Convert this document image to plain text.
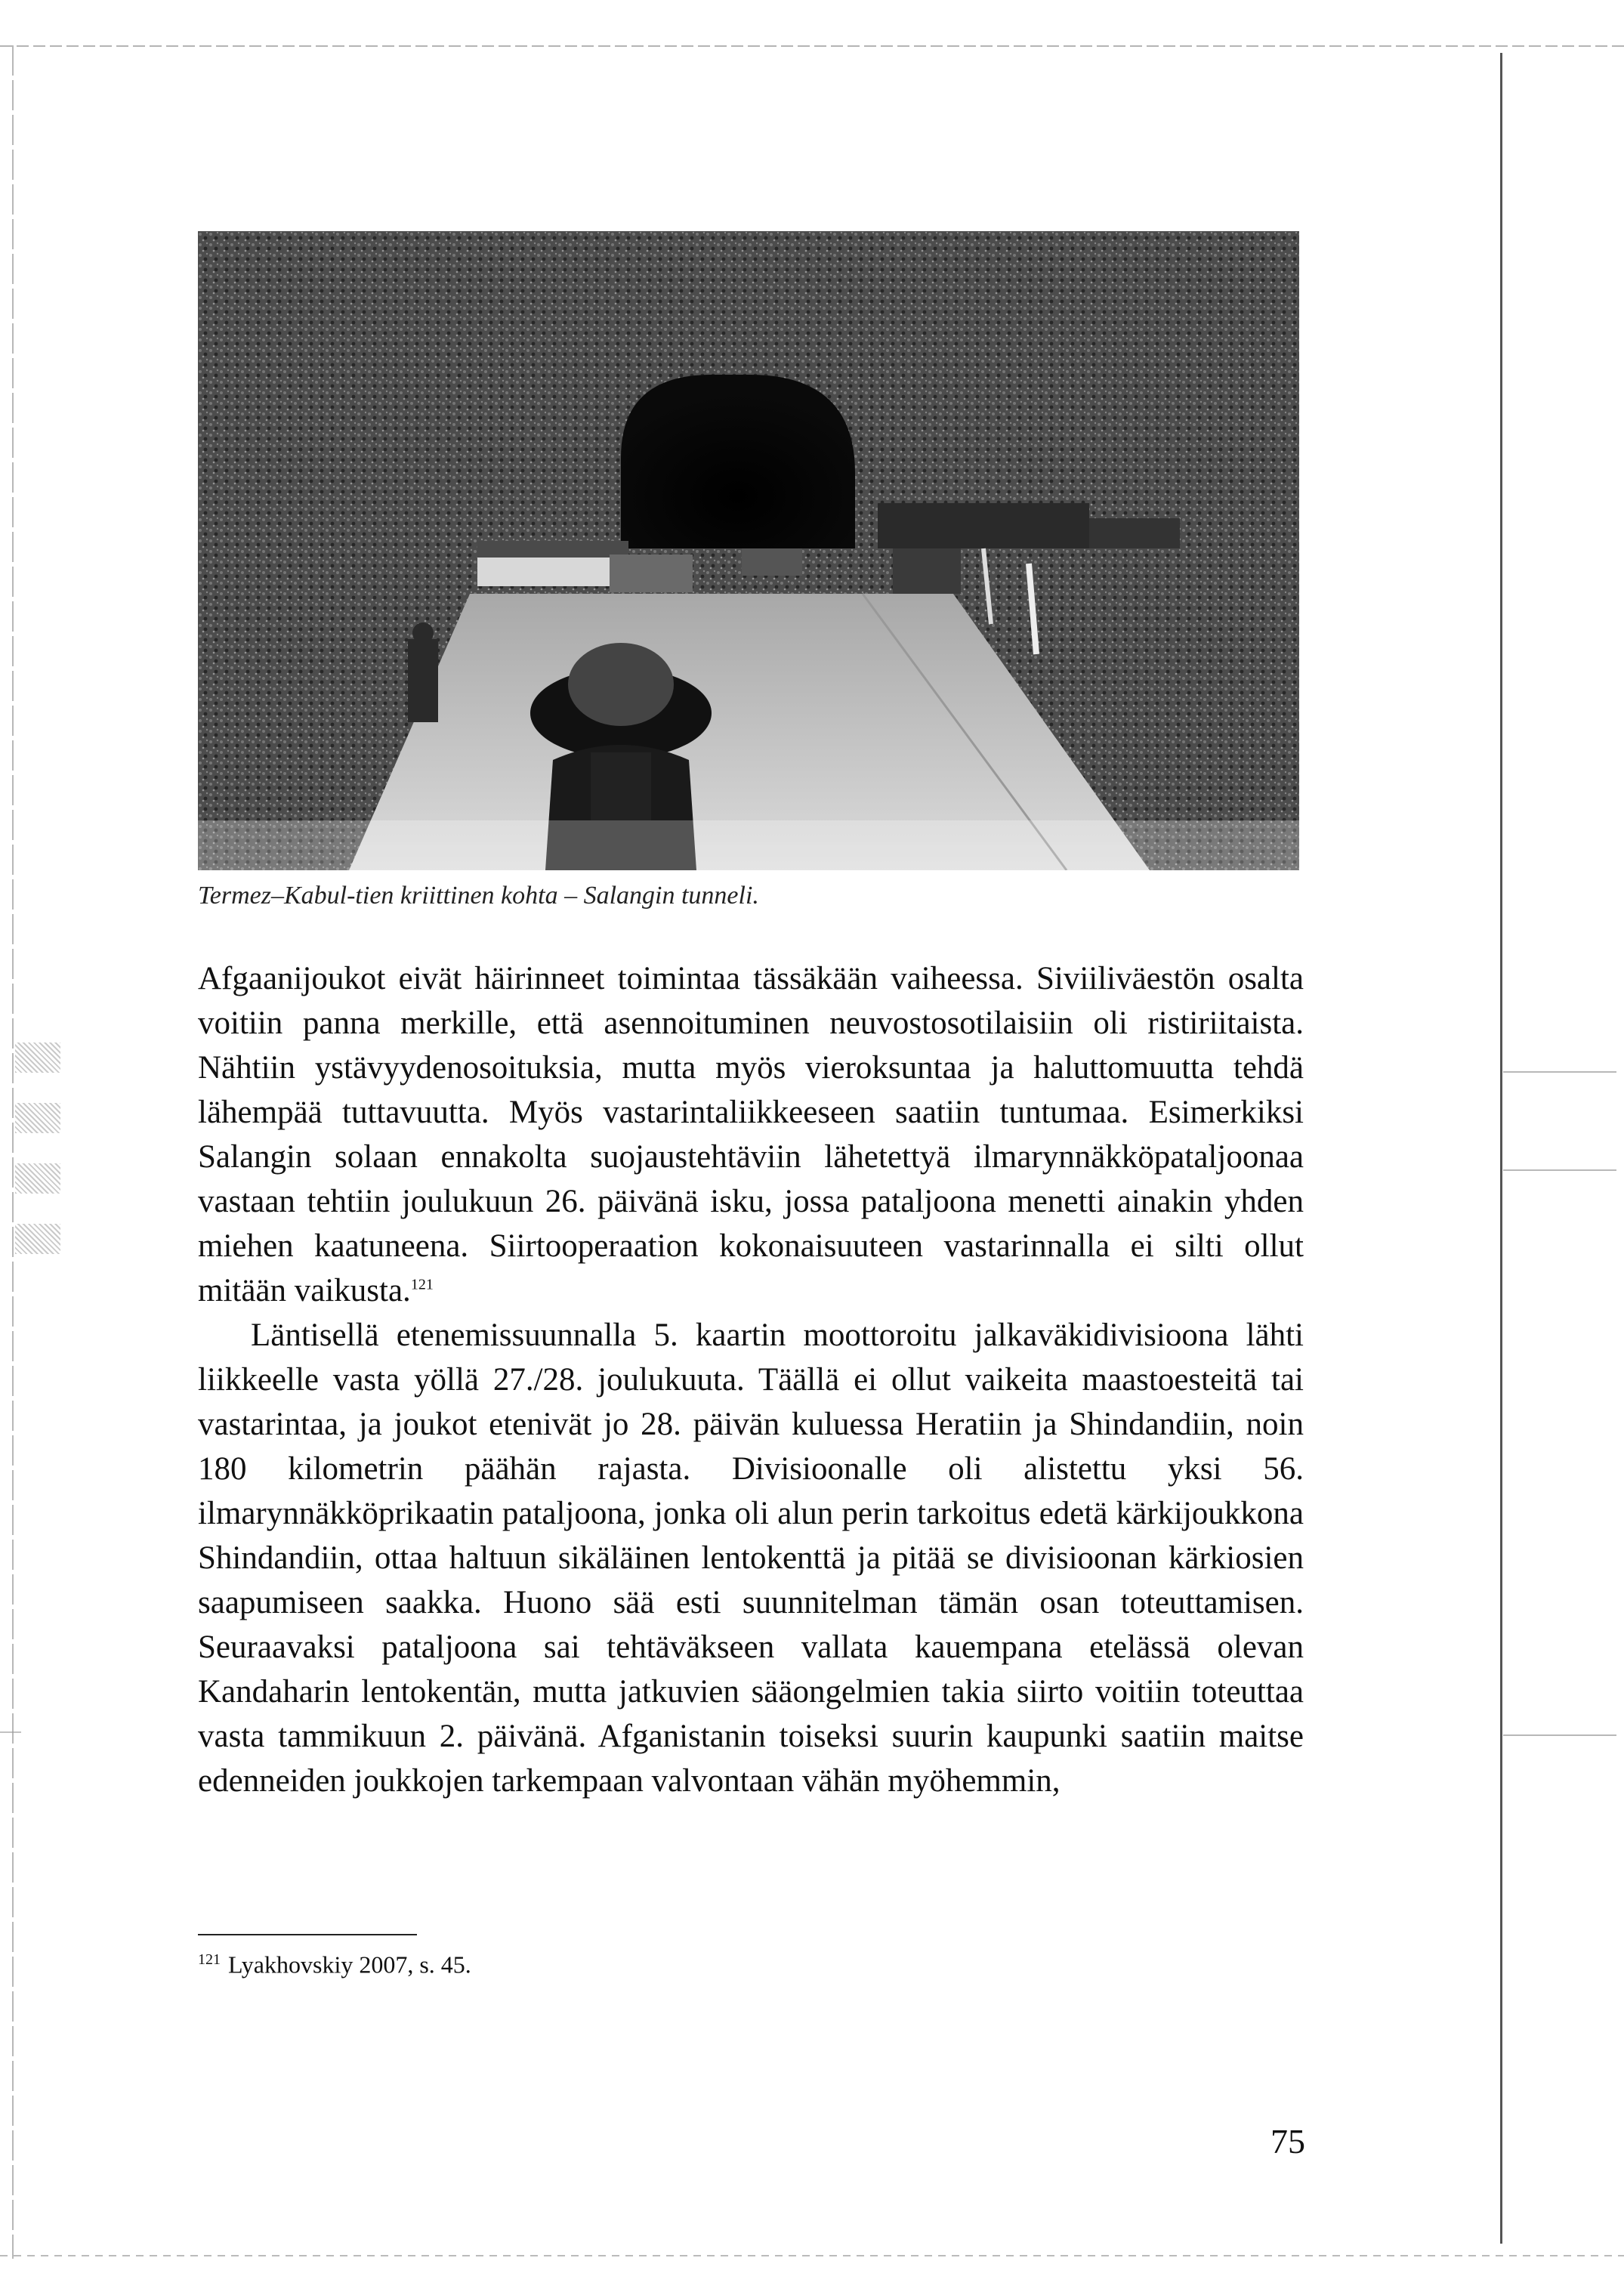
Termez–Kabul-tien kriittinen kohta – Salangin tunneli.

Afgaanijoukot eivät häirinneet toimintaa tässäkään vaiheessa. Siviiliväestön osalta voitiin panna merkille, että asennoituminen neuvostosotilaisiin oli ristiriitaista. Nähtiin ystävyydenosoituksia, mutta myös vieroksuntaa ja haluttomuutta tehdä lähempää tuttavuutta. Myös vastarintaliikkeeseen saatiin tuntumaa. Esimerkiksi Salangin solaan ennakolta suojaustehtäviin lähetettyä ilmarynnäkköpataljoonaa vastaan tehtiin joulukuun 26. päivänä isku, jossa pataljoona menetti ainakin yhden miehen kaatuneena. Siirtooperaation kokonaisuuteen vastarinnalla ei silti ollut mitään vaikusta.$^{121}$

Läntisellä etenemissuunnalla 5. kaartin moottoroitu jalkaväkidivisioona lähti liikkeelle vasta yöllä 27./28. joulukuuta. Täällä ei ollut vaikeita maastoesteitä tai vastarintaa, ja joukot etenivät jo 28. päivän kuluessa Heratiin ja Shindandiin, noin 180 kilometrin päähän rajasta. Divisioonalle oli alistettu yksi 56. ilmarynnäkköprikaatin pataljoona, jonka oli alun perin tarkoitus edetä kärkijoukkona Shindandiin, ottaa haltuun sikäläinen lentokenttä ja pitää se divisioonan kärkiosien saapumiseen saakka. Huono sää esti suunnitelman tämän osan toteuttamisen. Seuraavaksi pataljoona sai tehtäväkseen vallata kauempana etelässä olevan Kandaharin lentokentän, mutta jatkuvien sääongelmien takia siirto voitiin toteuttaa vasta tammikuun 2. päivänä. Afganistanin toiseksi suurin kaupunki saatiin maitse edenneiden joukkojen tarkempaan valvontaan vähän myöhemmin,

$^{121}$ Lyakhovskiy 2007, s. 45.
75
